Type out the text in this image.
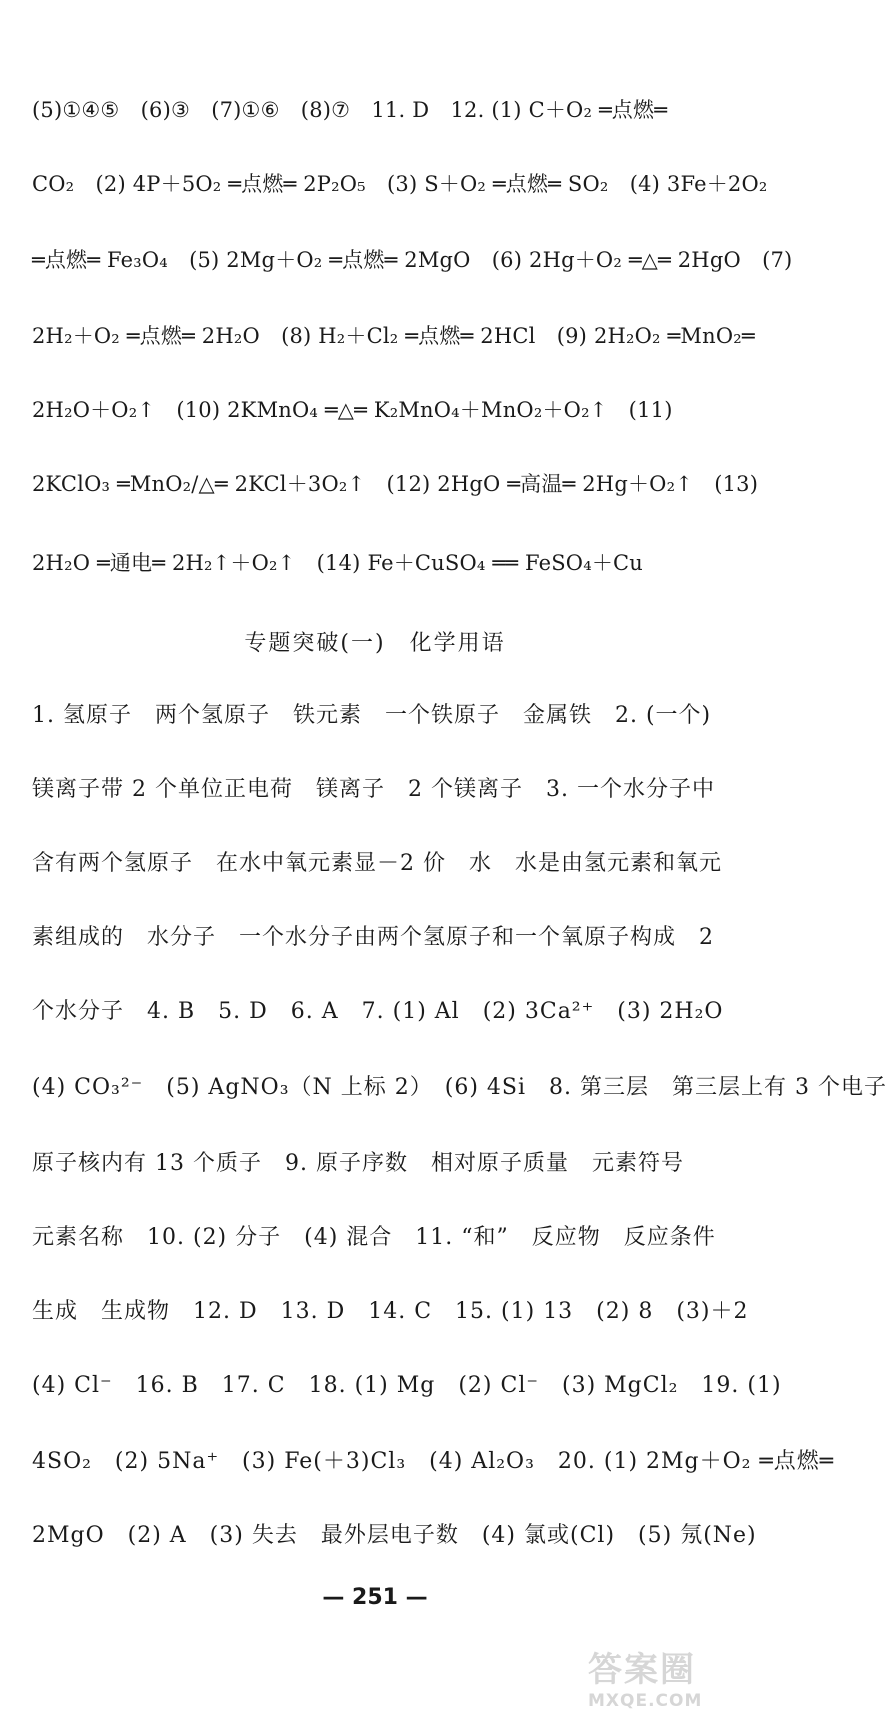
(5)①④⑤　(6)③　(7)①⑥　(8)⑦　11. D　12. (1) C＋O₂ ═点燃═
CO₂　(2) 4P＋5O₂ ═点燃═ 2P₂O₅　(3) S＋O₂ ═点燃═ SO₂　(4) 3Fe＋2O₂
═点燃═ Fe₃O₄　(5) 2Mg＋O₂ ═点燃═ 2MgO　(6) 2Hg＋O₂ ═△═ 2HgO　(7)
2H₂＋O₂ ═点燃═ 2H₂O　(8) H₂＋Cl₂ ═点燃═ 2HCl　(9) 2H₂O₂ ═MnO₂═
2H₂O＋O₂↑　(10) 2KMnO₄ ═△═ K₂MnO₄＋MnO₂＋O₂↑　(11)
2KClO₃ ═MnO₂/△═ 2KCl＋3O₂↑　(12) 2HgO ═高温═ 2Hg＋O₂↑　(13)
2H₂O ═通电═ 2H₂↑＋O₂↑　(14) Fe＋CuSO₄ ══ FeSO₄＋Cu
专题突破(一)　化学用语
1. 氢原子　两个氢原子　铁元素　一个铁原子　金属铁　2. (一个)
镁离子带 2 个单位正电荷　镁离子　2 个镁离子　3. 一个水分子中
含有两个氢原子　在水中氧元素显－2 价　水　水是由氢元素和氧元
素组成的　水分子　一个水分子由两个氢原子和一个氧原子构成　2
个水分子　4. B　5. D　6. A　7. (1) Al　(2) 3Ca²⁺　(3) 2H₂O
(4) CO₃²⁻　(5) AgNO₃（N 上标 2）　(6) 4Si　8. 第三层　第三层上有 3 个电子
原子核内有 13 个质子　9. 原子序数　相对原子质量　元素符号
元素名称　10. (2) 分子　(4) 混合　11. “和”　反应物　反应条件
生成　生成物　12. D　13. D　14. C　15. (1) 13　(2) 8　(3)＋2
(4) Cl⁻　16. B　17. C　18. (1) Mg　(2) Cl⁻　(3) MgCl₂　19. (1)
4SO₂　(2) 5Na⁺　(3) Fe(＋3)Cl₃　(4) Al₂O₃　20. (1) 2Mg＋O₂ ═点燃═
2MgO　(2) A　(3) 失去　最外层电子数　(4) 氯或(Cl)　(5) 氖(Ne)
— 251 —
答案圈
MXQE.COM
